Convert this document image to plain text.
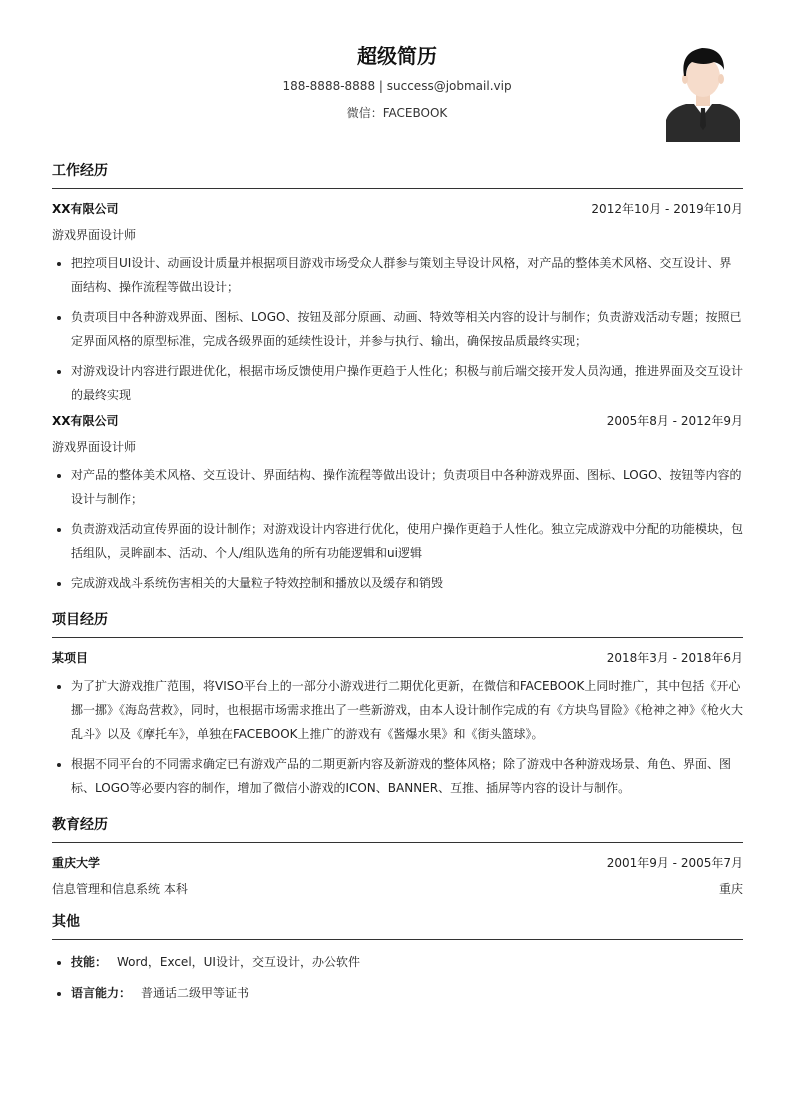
超级简历
188-8888-8888 | success@jobmail.vip
微信：FACEBOOK
工作经历
XX有限公司	2012年10月 - 2019年10月
游戏界面设计师
• 把控项目UI设计、动画设计质量并根据项目游戏市场受众人群参与策划主导设计风格，对产品的整体美术风格、交互设计、界面结构、操作流程等做出设计；
• 负责项目中各种游戏界面、图标、LOGO、按钮及部分原画、动画、特效等相关内容的设计与制作；负责游戏活动专题；按照已定界面风格的原型标准，完成各级界面的延续性设计，并参与执行、输出，确保按品质最终实现；
• 对游戏设计内容进行跟进优化，根据市场反馈使用户操作更趋于人性化；积极与前后端交接开发人员沟通，推进界面及交互设计的最终实现
XX有限公司	2005年8月 - 2012年9月
游戏界面设计师
• 对产品的整体美术风格、交互设计、界面结构、操作流程等做出设计；负责项目中各种游戏界面、图标、LOGO、按钮等内容的设计与制作；
• 负责游戏活动宣传界面的设计制作；对游戏设计内容进行优化，使用户操作更趋于人性化。独立完成游戏中分配的功能模块，包括组队，灵眸副本、活动、个人/组队选角的所有功能逻辑和ui逻辑
• 完成游戏战斗系统伤害相关的大量粒子特效控制和播放以及缓存和销毁
项目经历
某项目	2018年3月 - 2018年6月
• 为了扩大游戏推广范围，将VISO平台上的一部分小游戏进行二期优化更新，在微信和FACEBOOK上同时推广，其中包括《开心挪一挪》《海岛营救》，同时，也根据市场需求推出了一些新游戏，由本人设计制作完成的有《方块鸟冒险》《枪神之神》《枪火大乱斗》以及《摩托车》，单独在FACEBOOK上推广的游戏有《酱爆水果》和《街头篮球》。
• 根据不同平台的不同需求确定已有游戏产品的二期更新内容及新游戏的整体风格；除了游戏中各种游戏场景、角色、界面、图标、LOGO等必要内容的制作，增加了微信小游戏的ICON、BANNER、互推、插屏等内容的设计与制作。
教育经历
重庆大学	2001年9月 - 2005年7月
信息管理和信息系统 本科	重庆
其他
• 技能： Word，Excel，UI设计，交互设计，办公软件
• 语言能力： 普通话二级甲等证书
